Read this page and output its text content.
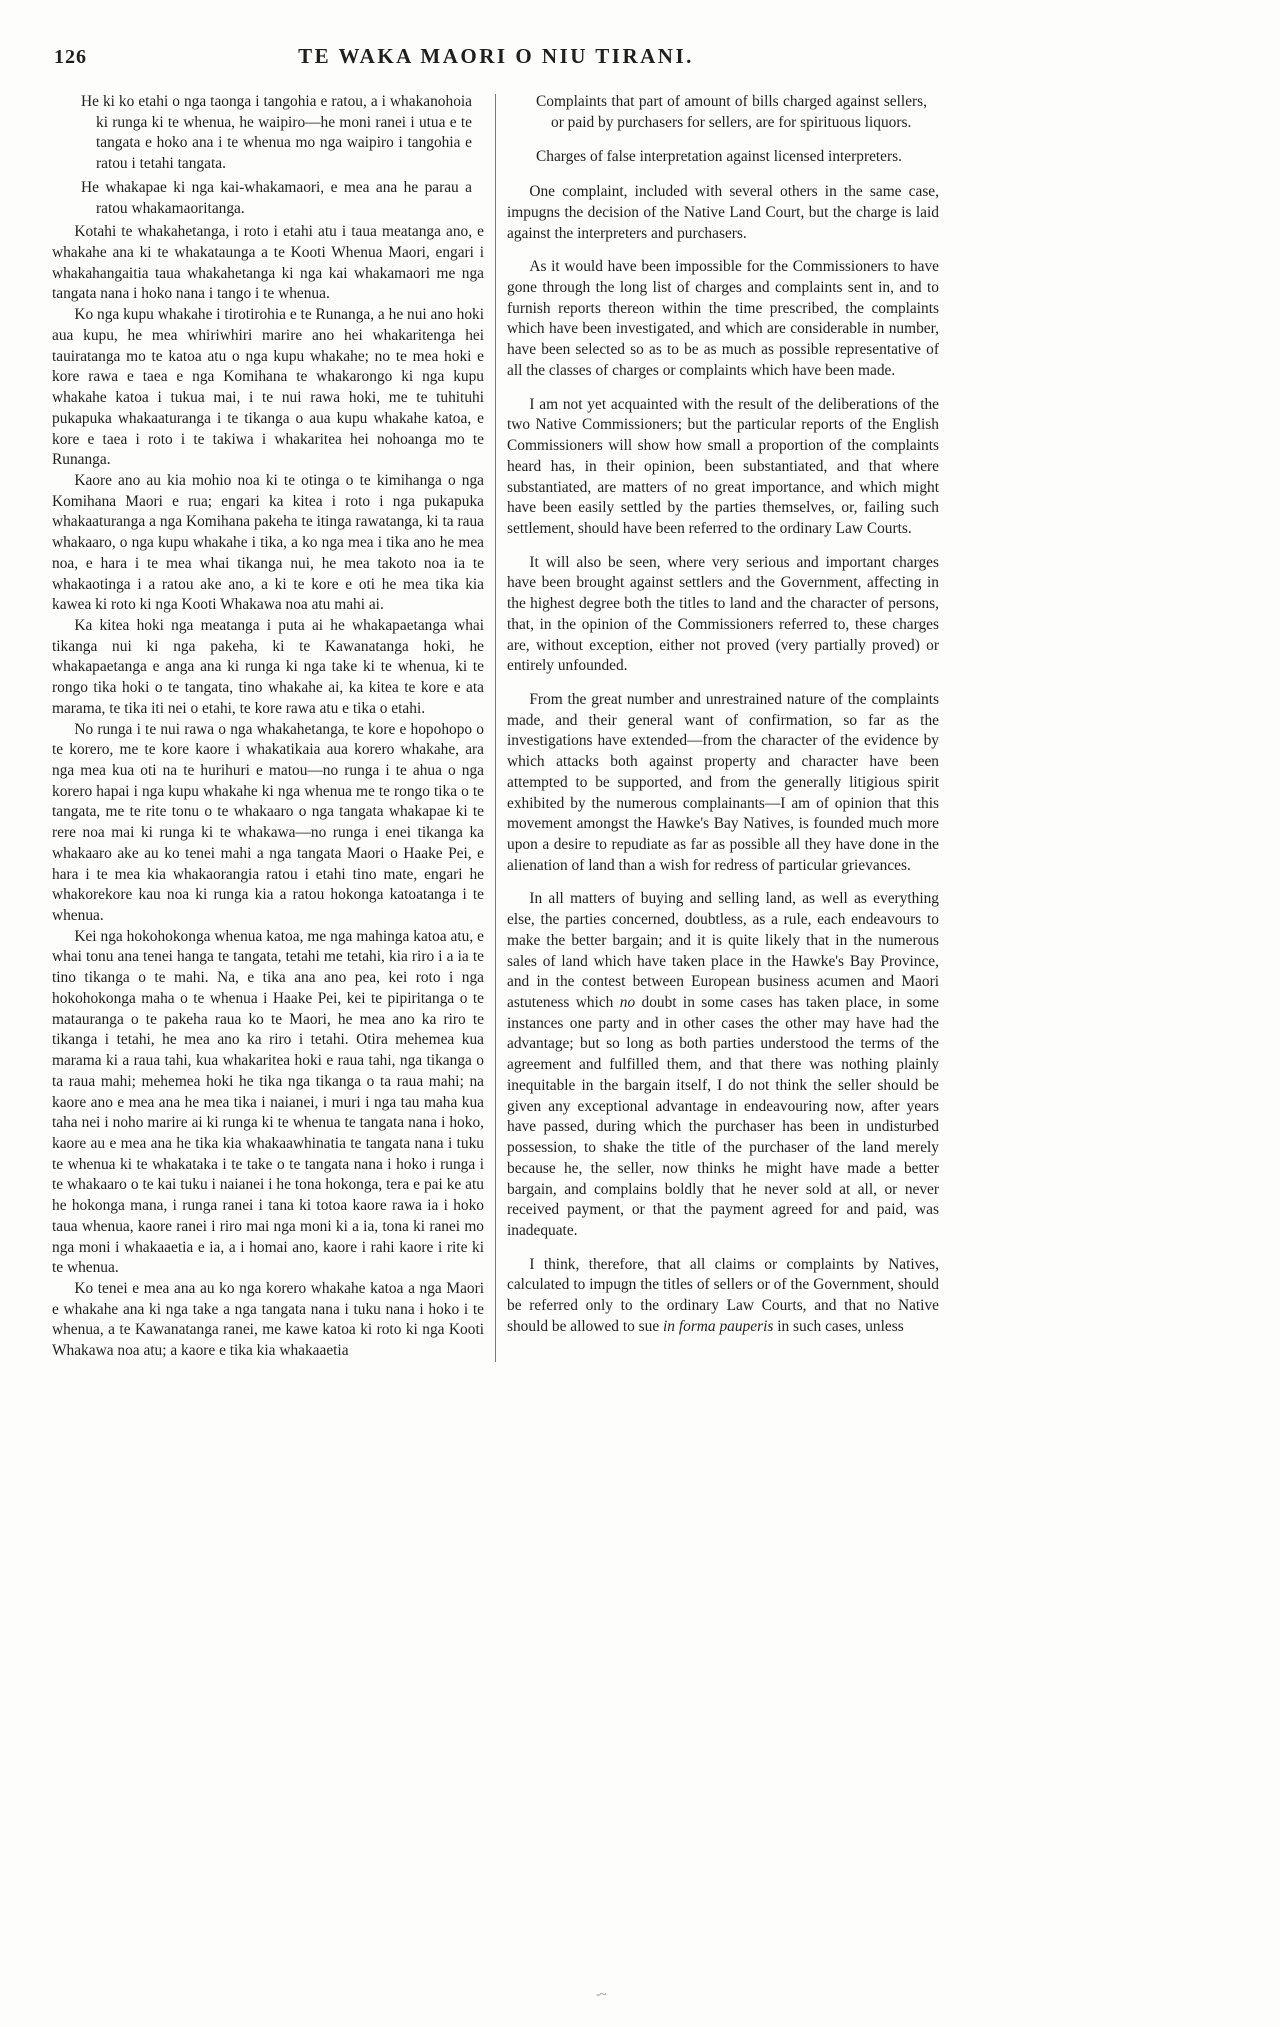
126	TE WAKA MAORI O NIU TIRANI.

He ki ko etahi o nga taonga i tangohia e ratou, a i whakanohoia ki runga ki te whenua, he waipiro—he moni ranei i utua e te tangata e hoko ana i te whenua mo nga waipiro i tangohia e ratou i tetahi tangata.

He whakapae ki nga kai-whakamaori, e mea ana he parau a ratou whakamaoritanga.

Kotahi te whakahetanga, i roto i etahi atu i taua meatanga ano, e whakahe ana ki te whakataunga a te Kooti Whenua Maori, engari i whakahangaitia taua whakahetanga ki nga kai whakamaori me nga tangata nana i hoko nana i tango i te whenua.

Ko nga kupu whakahe i tirotirohia e te Runanga, a he nui ano hoki aua kupu, he mea whiriwhiri marire ano hei whakaritenga hei tauiratanga mo te katoa atu o nga kupu whakahe; no te mea hoki e kore rawa e taea e nga Komihana te whakarongo ki nga kupu whakahe katoa i tukua mai, i te nui rawa hoki, me te tuhituhi pukapuka whakaaturanga i te tikanga o aua kupu whakahe katoa, e kore e taea i roto i te takiwa i whakaritea hei nohoanga mo te Runanga.

Kaore ano au kia mohio noa ki te otinga o te kimihanga o nga Komihana Maori e rua; engari ka kitea i roto i nga pukapuka whakaaturanga a nga Komihana pakeha te itinga rawatanga, ki ta raua whakaaro, o nga kupu whakahe i tika, a ko nga mea i tika ano he mea noa, e hara i te mea whai tikanga nui, he mea takoto noa ia te whakaotinga i a ratou ake ano, a ki te kore e oti he mea tika kia kawea ki roto ki nga Kooti Whakawa noa atu mahi ai.

Ka kitea hoki nga meatanga i puta ai he whakapaetanga whai tikanga nui ki nga pakeha, ki te Kawanatanga hoki, he whakapaetanga e anga ana ki runga ki nga take ki te whenua, ki te rongo tika hoki o te tangata, tino whakahe ai, ka kitea te kore e ata marama, te tika iti nei o etahi, te kore rawa atu e tika o etahi.

No runga i te nui rawa o nga whakahetanga, te kore e hopohopo o te korero, me te kore kaore i whakatikaia aua korero whakahe, ara nga mea kua oti na te hurihuri e matou—no runga i te ahua o nga korero hapai i nga kupu whakahe ki nga whenua me te rongo tika o te tangata, me te rite tonu o te whakaaro o nga tangata whakapae ki te rere noa mai ki runga ki te whakawa—no runga i enei tikanga ka whakaaro ake au ko tenei mahi a nga tangata Maori o Haake Pei, e hara i te mea kia whakaorangia ratou i etahi tino mate, engari he whakorekore kau noa ki runga kia a ratou hokonga katoatanga i te whenua.

Kei nga hokohokonga whenua katoa, me nga mahinga katoa atu, e whai tonu ana tenei hanga te tangata, tetahi me tetahi, kia riro i a ia te tino tikanga o te mahi. Na, e tika ana ano pea, kei roto i nga hokohokonga maha o te whenua i Haake Pei, kei te pipiritanga o te matauranga o te pakeha raua ko te Maori, he mea ano ka riro te tikanga i tetahi, he mea ano ka riro i tetahi. Otira mehemea kua marama ki a raua tahi, kua whakaritea hoki e raua tahi, nga tikanga o ta raua mahi; mehemea hoki he tika nga tikanga o ta raua mahi; na kaore ano e mea ana he mea tika i naianei, i muri i nga tau maha kua taha nei i noho marire ai ki runga ki te whenua te tangata nana i hoko, kaore au e mea ana he tika kia whakaawhinatia te tangata nana i tuku te whenua ki te whakataka i te take o te tangata nana i hoko i runga i te whakaaro o te kai tuku i naianei i he tona hokonga, tera e pai ke atu he hokonga mana, i runga ranei i tana ki totoa kaore rawa ia i hoko taua whenua, kaore ranei i riro mai nga moni ki a ia, tona ki ranei mo nga moni i whakaaetia e ia, a i homai ano, kaore i rahi kaore i rite ki te whenua.

Ko tenei e mea ana au ko nga korero whakahe katoa a nga Maori e whakahe ana ki nga take a nga tangata nana i tuku nana i hoko i te whenua, a te Kawanatanga ranei, me kawe katoa ki roto ki nga Kooti Whakawa noa atu; a kaore e tika kia whakaaetia

Complaints that part of amount of bills charged against sellers, or paid by purchasers for sellers, are for spirituous liquors.

Charges of false interpretation against licensed interpreters.

One complaint, included with several others in the same case, impugns the decision of the Native Land Court, but the charge is laid against the interpreters and purchasers.

As it would have been impossible for the Commissioners to have gone through the long list of charges and complaints sent in, and to furnish reports thereon within the time prescribed, the complaints which have been investigated, and which are considerable in number, have been selected so as to be as much as possible representative of all the classes of charges or complaints which have been made.

I am not yet acquainted with the result of the deliberations of the two Native Commissioners; but the particular reports of the English Commissioners will show how small a proportion of the complaints heard has, in their opinion, been substantiated, and that where substantiated, are matters of no great importance, and which might have been easily settled by the parties themselves, or, failing such settlement, should have been referred to the ordinary Law Courts.

It will also be seen, where very serious and important charges have been brought against settlers and the Government, affecting in the highest degree both the titles to land and the character of persons, that, in the opinion of the Commissioners referred to, these charges are, without exception, either not proved (very partially proved) or entirely unfounded.

From the great number and unrestrained nature of the complaints made, and their general want of confirmation, so far as the investigations have extended—from the character of the evidence by which attacks both against property and character have been attempted to be supported, and from the generally litigious spirit exhibited by the numerous complainants—I am of opinion that this movement amongst the Hawke's Bay Natives, is founded much more upon a desire to repudiate as far as possible all they have done in the alienation of land than a wish for redress of particular grievances.

In all matters of buying and selling land, as well as everything else, the parties concerned, doubtless, as a rule, each endeavours to make the better bargain; and it is quite likely that in the numerous sales of land which have taken place in the Hawke's Bay Province, and in the contest between European business acumen and Maori astuteness which no doubt in some cases has taken place, in some instances one party and in other cases the other may have had the advantage; but so long as both parties understood the terms of the agreement and fulfilled them, and that there was nothing plainly inequitable in the bargain itself, I do not think the seller should be given any exceptional advantage in endeavouring now, after years have passed, during which the purchaser has been in undisturbed possession, to shake the title of the purchaser of the land merely because he, the seller, now thinks he might have made a better bargain, and complains boldly that he never sold at all, or never received payment, or that the payment agreed for and paid, was inadequate.

I think, therefore, that all claims or complaints by Natives, calculated to impugn the titles of sellers or of the Government, should be referred only to the ordinary Law Courts, and that no Native should be allowed to sue in forma pauperis in such cases, unless

-~
